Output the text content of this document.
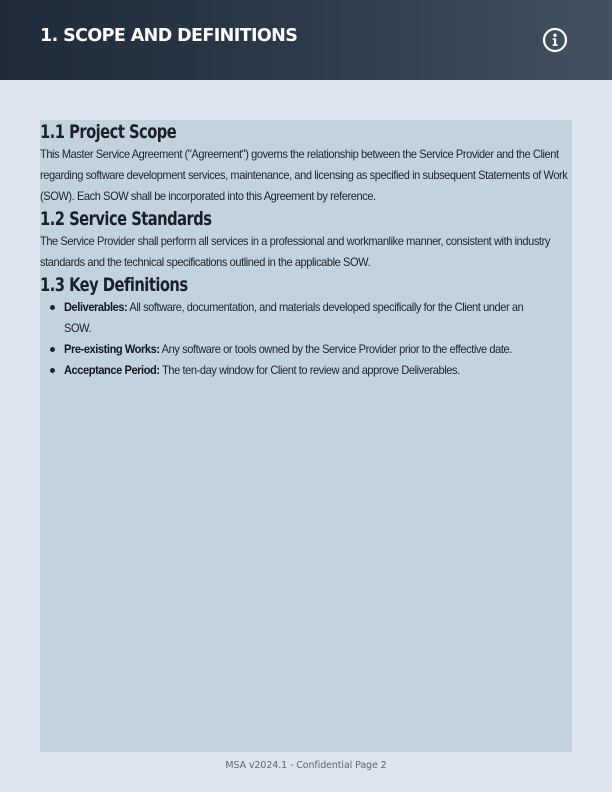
1. SCOPE AND DEFINITIONS
1.1 Project Scope

This Master Service Agreement ("Agreement") governs the relationship between the Service Provider and the Client regarding software development services, maintenance, and licensing as specified in subsequent Statements of Work (SOW). Each SOW shall be incorporated into this Agreement by reference.

1.2 Service Standards

The Service Provider shall perform all services in a professional and workmanlike manner, consistent with industry standards and the technical specifications outlined in the applicable SOW.

1.3 Key Definitions
Deliverables: All software, documentation, and materials developed specifically for the Client under an SOW.
Pre-existing Works: Any software or tools owned by the Service Provider prior to the effective date.
Acceptance Period: The ten-day window for Client to review and approve Deliverables.
MSA v2024.1 - Confidential Page 2
